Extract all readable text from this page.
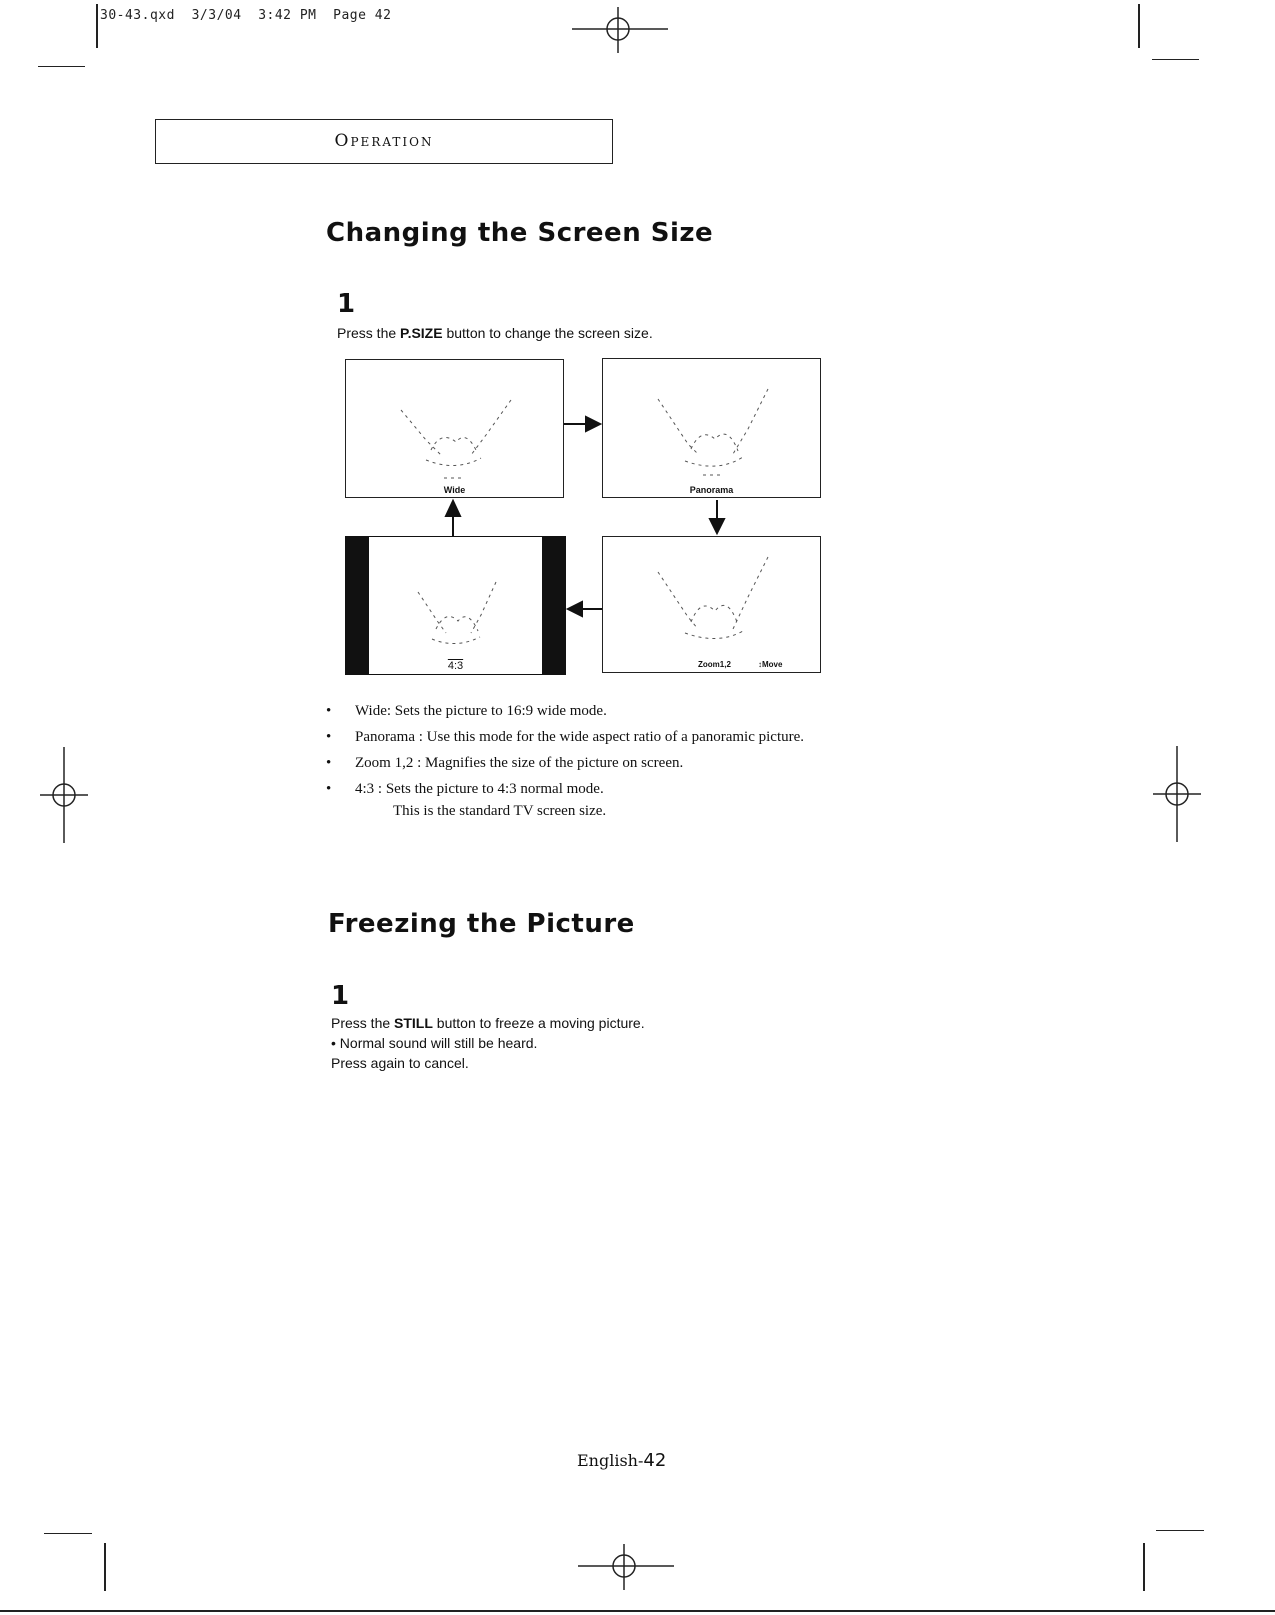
30-43.qxd  3/3/04  3:42 PM  Page 42
Operation
Changing the Screen Size
1
Press the P.SIZE button to change the screen size.
Wide	Panorama
4:3	Zoom1,2	↕Move
• Wide: Sets the picture to 16:9 wide mode.
• Panorama : Use this mode for the wide aspect ratio of a panoramic picture.
• Zoom 1,2 : Magnifies the size of the picture on screen.
• 4:3 : Sets the picture to 4:3 normal mode.
This is the standard TV screen size.
Freezing the Picture
1
Press the STILL button to freeze a moving picture.
• Normal sound will still be heard.
Press again to cancel.
English-42
